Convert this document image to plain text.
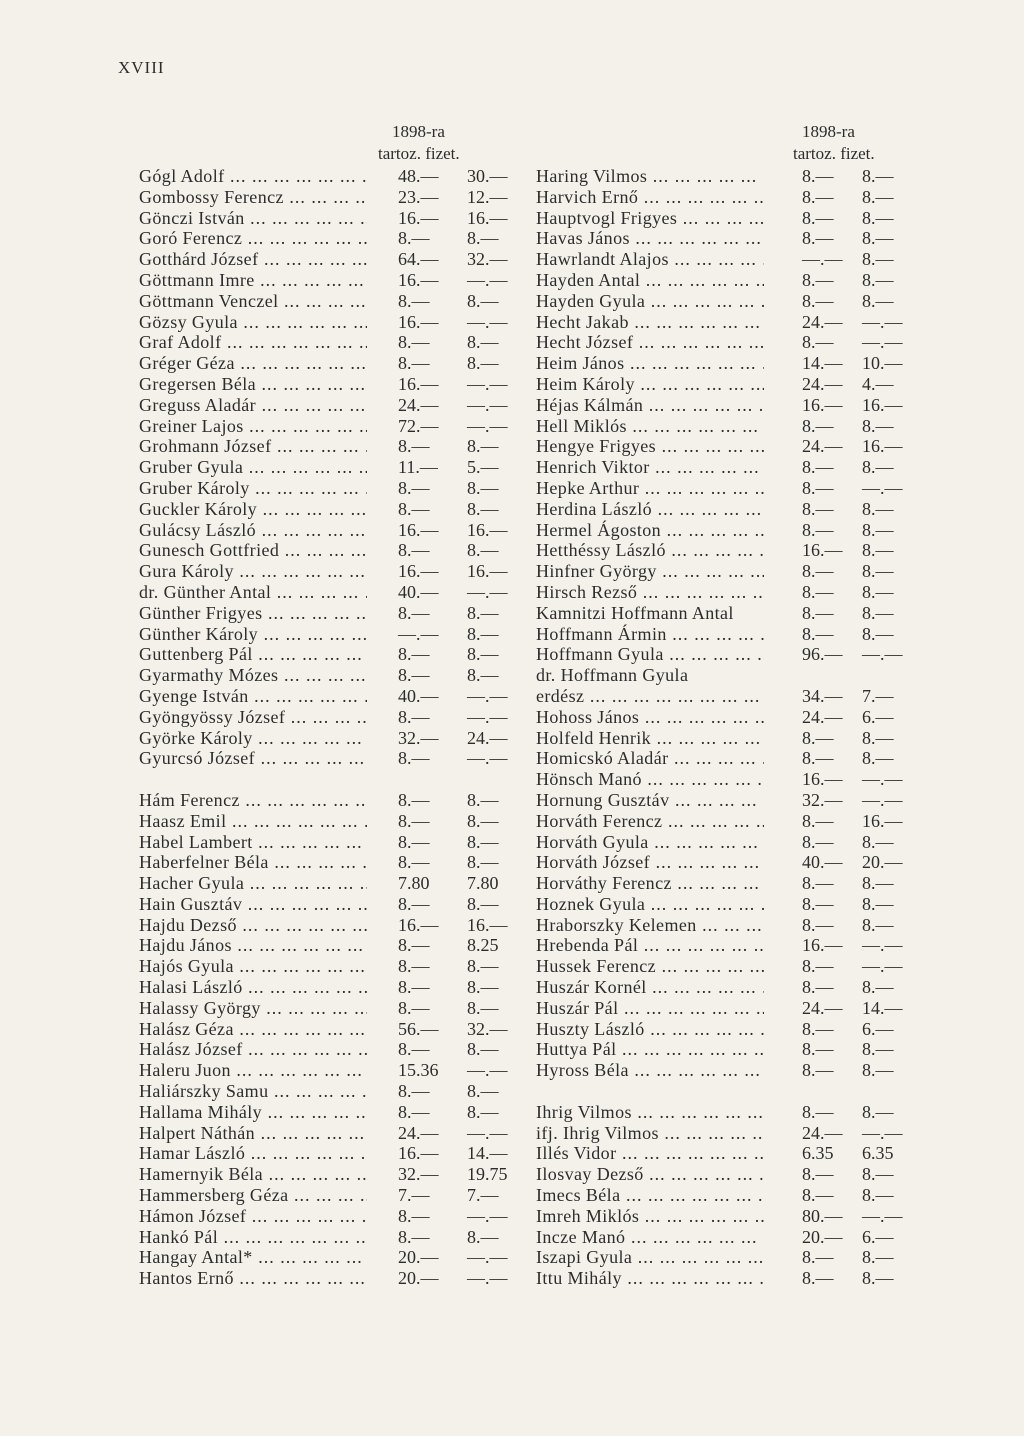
XVIII
1898-ra
tartoz. fizet.
Gógl Adolf ... .	48.— 30.—
Gombossy Ferencz ... .	23.— 12.—
Gönczi István ... .	16.— 16.—
Goró Ferencz ... .	8.— 8.—
Gotthárd József ... .	64.— 32.—
Göttmann Imre ... .	16.— —.—
Göttmann Venczel ... .	8.— 8.—
Gözsy Gyula ... .	16.— —.—
Graf Adolf ... .	8.— 8.—
Gréger Géza ... .	8.— 8.—
Gregersen Béla ... .	16.— —.—
Greguss Aladár ... .	24.— —.—
Greiner Lajos ... .	72.— —.—
Grohmann József ... .	8.— 8.—
Gruber Gyula ... .	11.— 5.—
Gruber Károly ... .	8.— 8.—
Guckler Károly ... .	8.— 8.—
Gulácsy László ... .	16.— 16.—
Gunesch Gottfried ... .	8.— 8.—
Gura Károly ... .	16.— 16.—
dr. Günther Antal ... .	40.— —.—
Günther Frigyes ... .	8.— 8.—
Günther Károly ... .	—.— 8.—
Guttenberg Pál ... .	8.— 8.—
Gyarmathy Mózes ... .	8.— 8.—
Gyenge István ... .	40.— —.—
Gyöngyössy József ... .	8.— —.—
Györke Károly ... .	32.— 24.—
Gyurcsó József ... .	8.— —.—
Hám Ferencz ... .	8.— 8.—
Haasz Emil ... .	8.— 8.—
Habel Lambert ... .	8.— 8.—
Haberfelner Béla ... .	8.— 8.—
Hacher Gyula ... .	7.80 7.80
Hain Gusztáv ... .	8.— 8.—
Hajdu Dezső ... .	16.— 16.—
Hajdu János ... .	8.— 8.25
Hajós Gyula ... .	8.— 8.—
Halasi László ... .	8.— 8.—
Halassy György ... .	8.— 8.—
Halász Géza ... .	56.— 32.—
Halász József ... .	8.— 8.—
Haleru Juon ... .	15.36 —.—
Haliárszky Samu ... .	8.— 8.—
Hallama Mihály ... .	8.— 8.—
Halpert Náthán ... .	24.— —.—
Hamar László ... .	16.— 14.—
Hamernyik Béla ... .	32.— 19.75
Hammersberg Géza ... .	7.— 7.—
Hámon József ... .	8.— —.—
Hankó Pál ... .	8.— 8.—
Hangay Antal* ... .	20.— —.—
Hantos Ernő ... .	20.— —.—
1898-ra
tartoz. fizet.
Haring Vilmos ... .	8.— 8.—
Harvich Ernő ... .	8.— 8.—
Hauptvogl Frigyes ... .	8.— 8.—
Havas János ... .	8.— 8.—
Hawrlandt Alajos ... .	—.— 8.—
Hayden Antal ... .	8.— 8.—
Hayden Gyula ... .	8.— 8.—
Hecht Jakab ... .	24.— —.—
Hecht József ... .	8.— —.—
Heim János ... .	14.— 10.—
Heim Károly ... .	24.— 4.—
Héjas Kálmán ... .	16.— 16.—
Hell Miklós ... .	8.— 8.—
Hengye Frigyes ... .	24.— 16.—
Henrich Viktor ... .	8.— 8.—
Hepke Arthur ... .	8.— —.—
Herdina László ... .	8.— 8.—
Hermel Ágoston ... .	8.— 8.—
Hetthéssy László ... .	16.— 8.—
Hinfner György ... .	8.— 8.—
Hirsch Rezső ... .	8.— 8.—
Kamnitzi Hoffmann Antal	8.— 8.—
Hoffmann Ármin ... .	8.— 8.—
Hoffmann Gyula ... .	96.— —.—
dr. Hoffmann Gyula
erdész ... .	34.— 7.—
Hohoss János ... .	24.— 6.—
Holfeld Henrik ... .	8.— 8.—
Homicskó Aladár ... .	8.— 8.—
Hönsch Manó ... .	16.— —.—
Hornung Gusztáv ... .	32.— —.—
Horváth Ferencz ... .	8.— 16.—
Horváth Gyula ... .	8.— 8.—
Horváth József ... .	40.— 20.—
Horváthy Ferencz ... .	8.— 8.—
Hoznek Gyula ... .	8.— 8.—
Hraborszky Kelemen ... .	8.— 8.—
Hrebenda Pál ... .	16.— —.—
Hussek Ferencz ... .	8.— —.—
Huszár Kornél ... .	8.— 8.—
Huszár Pál ... .	24.— 14.—
Huszty László ... .	8.— 6.—
Huttya Pál ... .	8.— 8.—
Hyross Béla ... .	8.— 8.—
Ihrig Vilmos ... .	8.— 8.—
ifj. Ihrig Vilmos ... .	24.— —.—
Illés Vidor ... .	6.35 6.35
Ilosvay Dezső ... .	8.— 8.—
Imecs Béla ... .	8.— 8.—
Imreh Miklós ... .	80.— —.—
Incze Manó ... .	20.— 6.—
Iszapi Gyula ... .	8.— 8.—
Ittu Mihály ... .	8.— 8.—
